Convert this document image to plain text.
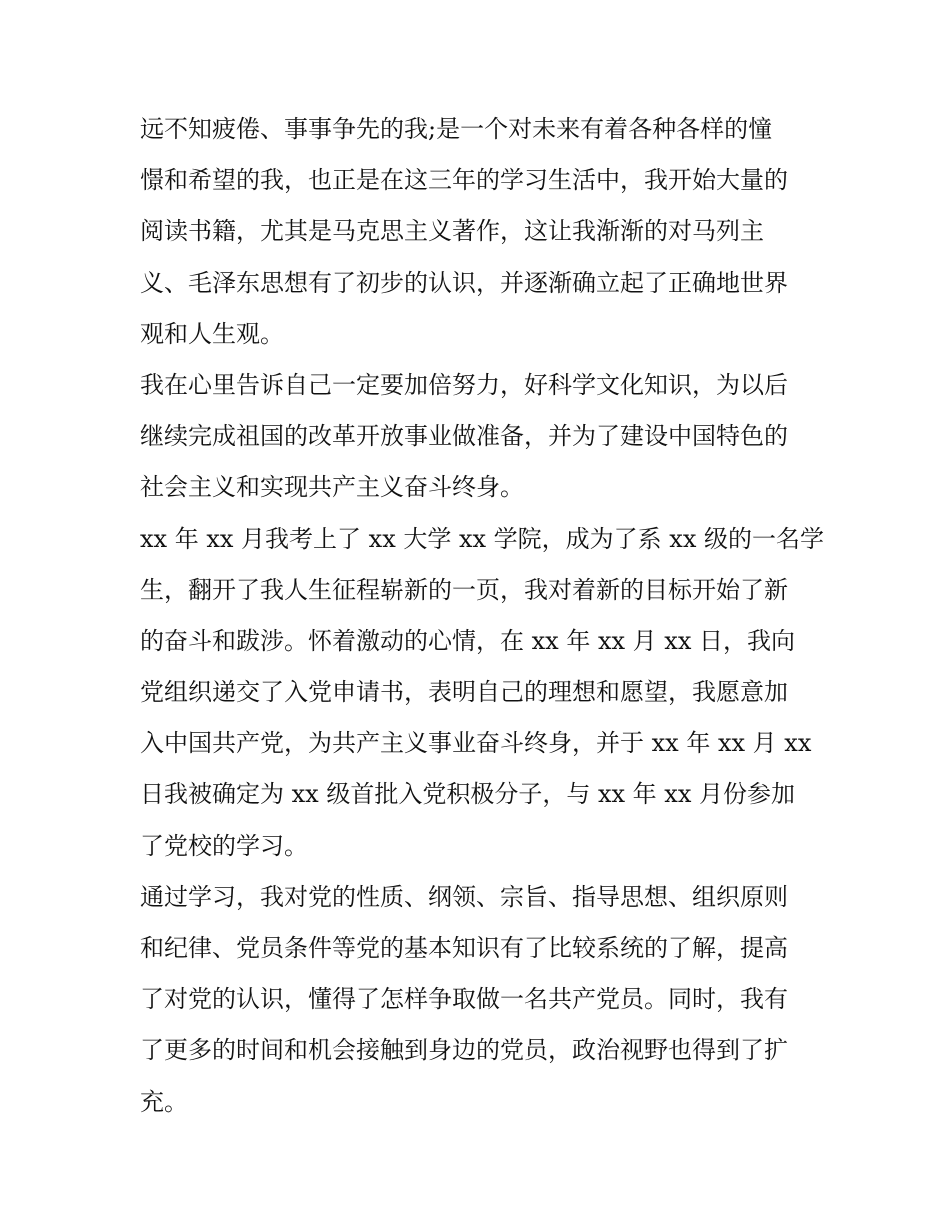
远不知疲倦、事事争先的我;是一个对未来有着各种各样的憧
憬和希望的我，也正是在这三年的学习生活中，我开始大量的
阅读书籍，尤其是马克思主义著作，这让我渐渐的对马列主
义、毛泽东思想有了初步的认识，并逐渐确立起了正确地世界
观和人生观。
我在心里告诉自己一定要加倍努力，好科学文化知识，为以后
继续完成祖国的改革开放事业做准备，并为了建设中国特色的
社会主义和实现共产主义奋斗终身。
xx 年 xx 月我考上了 xx 大学 xx 学院，成为了系 xx 级的一名学
生，翻开了我人生征程崭新的一页，我对着新的目标开始了新
的奋斗和跋涉。怀着激动的心情，在 xx 年 xx 月 xx 日，我向
党组织递交了入党申请书，表明自己的理想和愿望，我愿意加
入中国共产党，为共产主义事业奋斗终身，并于 xx 年 xx 月 xx
日我被确定为 xx 级首批入党积极分子，与 xx 年 xx 月份参加
了党校的学习。
通过学习，我对党的性质、纲领、宗旨、指导思想、组织原则
和纪律、党员条件等党的基本知识有了比较系统的了解，提高
了对党的认识，懂得了怎样争取做一名共产党员。同时，我有
了更多的时间和机会接触到身边的党员，政治视野也得到了扩
充。
